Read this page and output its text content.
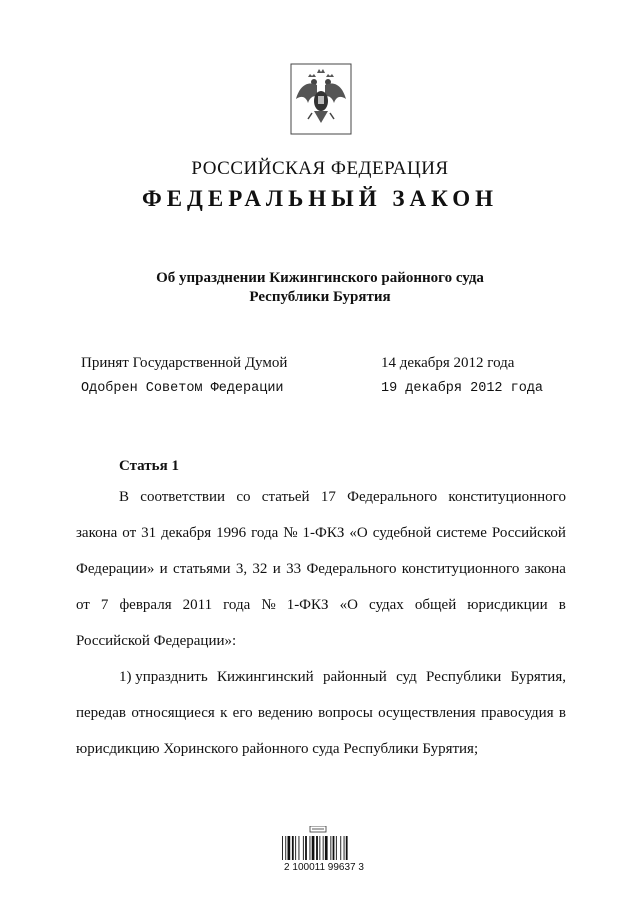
РОССИЙСКАЯ ФЕДЕРАЦИЯ
ФЕДЕРАЛЬНЫЙ ЗАКОН
Об упразднении Кижингинского районного суда
Республики Бурятия
Принят Государственной Думой	14 декабря 2012 года
Одобрен Советом Федерации	19 декабря 2012 года
Статья 1
В соответствии со статьей 17 Федерального конституционного
закона от 31 декабря 1996 года № 1-ФКЗ «О судебной системе Российской
Федерации» и статьями 3, 32 и 33 Федерального конституционного закона
от 7 февраля 2011 года № 1-ФКЗ «О судах общей юрисдикции в
Российской Федерации»:
1) упразднить Кижингинский районный суд Республики Бурятия,
передав относящиеся к его ведению вопросы осуществления правосудия в
юрисдикцию Хоринского районного суда Республики Бурятия;
2 100011 99637 3
